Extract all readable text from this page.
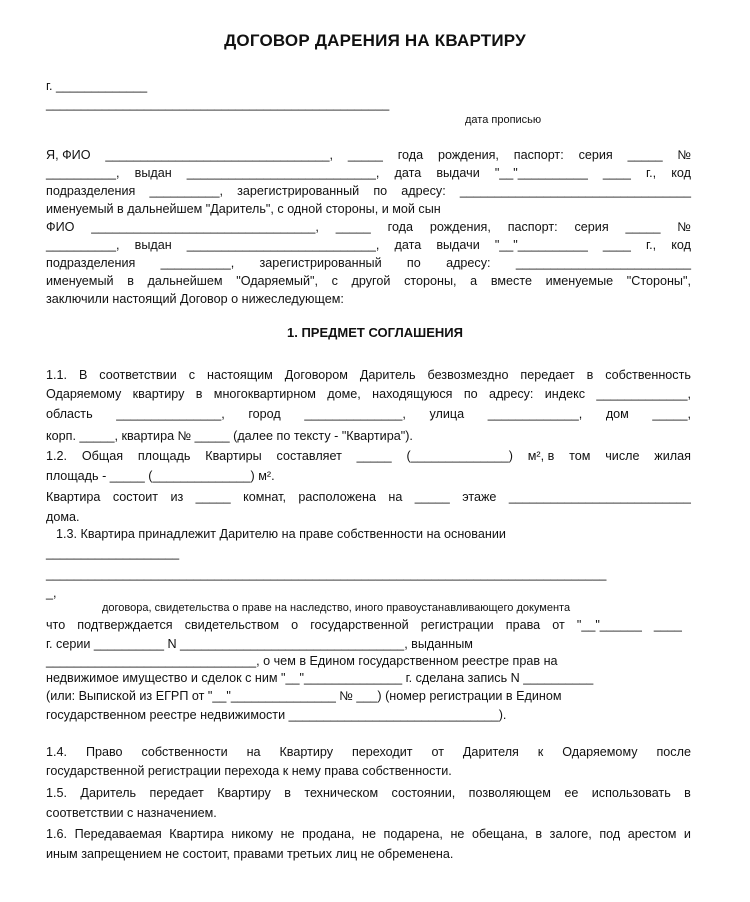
ДОГОВОР ДАРЕНИЯ НА КВАРТИРУ
г. _____________
_________________________________________________
дата прописью
Я, ФИО ________________________________, _____ года рождения, паспорт: серия _____ №
__________, выдан ___________________________, дата выдачи "__"__________ ____ г., код
подразделения __________, зарегистрированный по адресу: _________________________________
именуемый в дальнейшем "Даритель", с одной стороны, и мой сын
ФИО ________________________________, _____ года рождения, паспорт: серия _____ №
__________, выдан ___________________________, дата выдачи "__"__________ ____ г., код
подразделения __________, зарегистрированный по адресу: _________________________
именуемый в дальнейшем "Одаряемый", с другой стороны, а вместе именуемые "Стороны",
заключили настоящий Договор о нижеследующем:
1. ПРЕДМЕТ СОГЛАШЕНИЯ
1.1. В соответствии с настоящим Договором Даритель безвозмездно передает в собственность
Одаряемому квартиру в многоквартирном доме, находящуюся по адресу: индекс _____________,
область _______________, город ______________, улица _____________, дом _____,
корп. _____, квартира № _____ (далее по тексту - "Квартира").
1.2. Общая площадь Квартиры составляет _____ (______________) м², в том числе жилая
площадь - _____ (______________) м².
Квартира состоит из _____ комнат, расположена на _____ этаже __________________________
дома.
1.3. Квартира принадлежит Дарителю на праве собственности на основании
___________________
________________________________________________________________________________
_,
договора, свидетельства о праве на наследство, иного правоустанавливающего документа
что подтверждается свидетельством о государственной регистрации права от "__"______ ____
г. серии __________ N ________________________________, выданным
______________________________, о чем в Едином государственном реестре прав на
недвижимое имущество и сделок с ним "__"______________ г. сделана запись N __________
(или: Выпиской из ЕГРП от "__"_______________ № ___) (номер регистрации в Едином
государственном реестре недвижимости ______________________________).
1.4. Право собственности на Квартиру переходит от Дарителя к Одаряемому после
государственной регистрации перехода к нему права собственности.
1.5. Даритель передает Квартиру в техническом состоянии, позволяющем ее использовать в
соответствии с назначением.
1.6. Передаваемая Квартира никому не продана, не подарена, не обещана, в залоге, под арестом и
иным запрещением не состоит, правами третьих лиц не обременена.
